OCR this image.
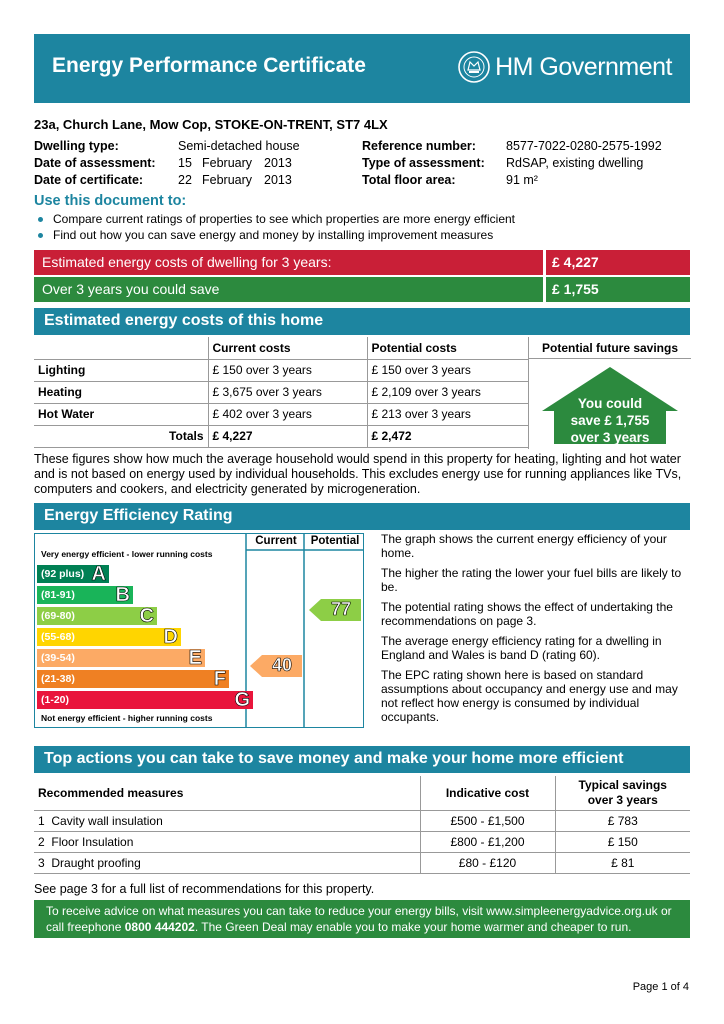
Energy Performance Certificate	HM Government
23a, Church Lane, Mow Cop, STOKE-ON-TRENT, ST7 4LX
Dwelling type:	Semi-detached house
Date of assessment: 15 February 2013
Date of certificate:	22 February 2013
Reference number: 8577-7022-0280-2575-1992
Type of assessment: RdSAP, existing dwelling
Total floor area:	91 m²
Use this document to:
Compare current ratings of properties to see which properties are more energy efficient
Find out how you can save energy and money by installing improvement measures
Estimated energy costs of dwelling for 3 years:	£ 4,227
Over 3 years you could save	£ 1,755
Estimated energy costs of this home
	Current costs	Potential costs
Lighting	£ 150 over 3 years	£ 150 over 3 years
Heating	£ 3,675 over 3 years	£ 2,109 over 3 years
Hot Water	£ 402 over 3 years	£ 213 over 3 years
Totals	£ 4,227	£ 2,472
Potential future savings
You could
save £ 1,755
over 3 years
These figures show how much the average household would spend in this property for heating, lighting and hot water and is not based on energy used by individual households. This excludes energy use for running appliances like TVs, computers and cookers, and electricity generated by microgeneration.
Energy Efficiency Rating
Current	Potential
Very energy efficient - lower running costs
Not energy efficient - higher running costs
(92 plus) A
(81-91) B
(69-80)	C
(55-68)	D
(39-54)	E
(21-38)	F
(1-20)	G
40
77

The graph shows the current energy efficiency of your home.

The higher the rating the lower your fuel bills are likely to be.

The potential rating shows the effect of undertaking the recommendations on page 3.

The average energy efficiency rating for a dwelling in England and Wales is band D (rating 60).

The EPC rating shown here is based on standard assumptions about occupancy and energy use and may not reflect how energy is consumed by individual occupants.

Top actions you can take to save money and make your home more efficient
Recommended measures	Indicative cost	Typical savings
over 3 years

1 Cavity wall insulation	£500 - £1,500	£ 783
2 Floor Insulation	£800 - £1,200	£ 150
3 Draught proofing	£80 - £120	£ 81
See page 3 for a full list of recommendations for this property.
To receive advice on what measures you can take to reduce your energy bills, visit www.simpleenergyadvice.org.uk or call freephone 0800 444202. The Green Deal may enable you to make your home warmer and cheaper to run.
Page 1 of 4
